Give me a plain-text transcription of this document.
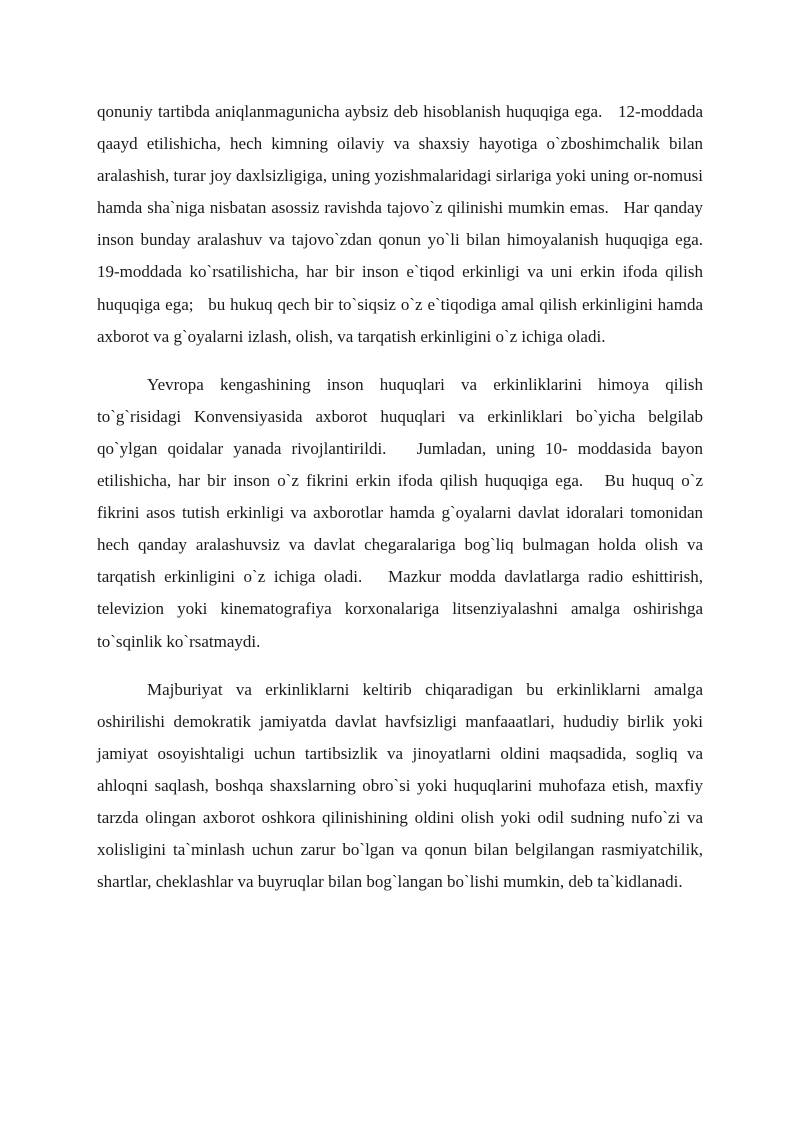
qonuniy tartibda aniqlanmagunicha aybsiz deb hisoblanish huquqiga ega.   12-moddada qaayd etilishicha, hech kimning oilaviy va shaxsiy hayotiga o`zboshimchalik bilan aralashish, turar joy daxlsizligiga, uning yozishmalaridagi sirlariga yoki uning or-nomusi hamda sha`niga nisbatan asossiz ravishda tajovo`z qilinishi mumkin emas.   Har qanday inson bunday aralashuv va tajovo`zdan qonun yo`li bilan himoyalanish huquqiga ega.   19-moddada ko`rsatilishicha, har bir inson e`tiqod erkinligi va uni erkin ifoda qilish huquqiga ega;   bu hukuq qech bir to`siqsiz o`z e`tiqodiga amal qilish erkinligini hamda axborot va g`oyalarni izlash, olish, va tarqatish erkinligini o`z ichiga oladi.

Yevropa kengashining inson huquqlari va erkinliklarini himoya qilish to`g`risidagi Konvensiyasida axborot huquqlari va erkinliklari bo`yicha belgilab qo`ylgan qoidalar yanada rivojlantirildi.   Jumladan, uning 10- moddasida bayon etilishicha, har bir inson o`z fikrini erkin ifoda qilish huquqiga ega.   Bu huquq o`z fikrini asos tutish erkinligi va axborotlar hamda g`oyalarni davlat idoralari tomonidan hech qanday aralashuvsiz va davlat chegaralariga bog`liq bulmagan holda olish va tarqatish erkinligini o`z ichiga oladi.   Mazkur modda davlatlarga radio eshittirish, televizion yoki kinematografiya korxonalariga litsenziyalashni amalga oshirishga to`sqinlik ko`rsatmaydi.

Majburiyat va erkinliklarni keltirib chiqaradigan bu erkinliklarni amalga oshirilishi demokratik jamiyatda davlat havfsizligi manfaaatlari, hududiy birlik yoki jamiyat osoyishtaligi uchun tartibsizlik va jinoyatlarni oldini maqsadida, sogliq va ahloqni saqlash, boshqa shaxslarning obro`si yoki huquqlarini muhofaza etish, maxfiy tarzda olingan axborot oshkora qilinishining oldini olish yoki odil sudning nufo`zi va xolisligini ta`minlash uchun zarur bo`lgan va qonun bilan belgilangan rasmiyatchilik, shartlar, cheklashlar va buyruqlar bilan bog`langan bo`lishi mumkin, deb ta`kidlanadi.
